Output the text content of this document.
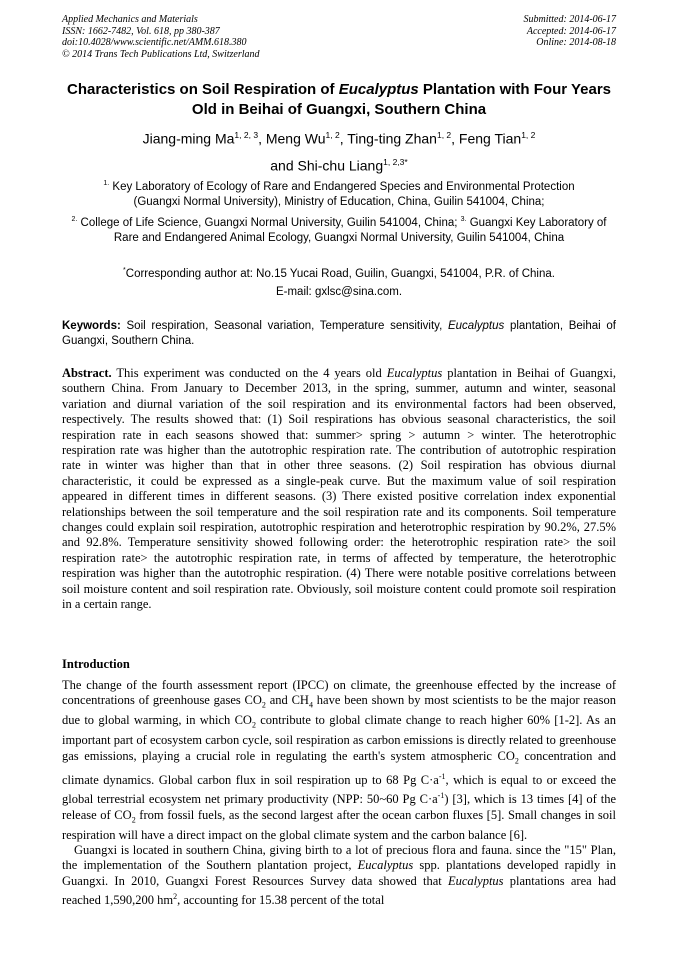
Applied Mechanics and Materials
ISSN: 1662-7482, Vol. 618, pp 380-387
doi:10.4028/www.scientific.net/AMM.618.380
© 2014 Trans Tech Publications Ltd, Switzerland
Submitted: 2014-06-17
Accepted: 2014-06-17
Online: 2014-08-18
Characteristics on Soil Respiration of Eucalyptus Plantation with Four Years Old in Beihai of Guangxi, Southern China
Jiang-ming Ma$^{1, 2, 3}$, Meng Wu$^{1, 2}$, Ting-ting Zhan$^{1, 2}$, Feng Tian$^{1, 2}$
and Shi-chu Liang$^{1, 2,3*}$
$^{1.}$ Key Laboratory of Ecology of Rare and Endangered Species and Environmental Protection (Guangxi Normal University), Ministry of Education, China, Guilin 541004, China;
$^{2.}$ College of Life Science, Guangxi Normal University, Guilin 541004, China; $^{3.}$ Guangxi Key Laboratory of Rare and Endangered Animal Ecology, Guangxi Normal University, Guilin 541004, China
*Corresponding author at: No.15 Yucai Road, Guilin, Guangxi, 541004, P.R. of China.
E-mail: gxlsc@sina.com.
Keywords: Soil respiration, Seasonal variation, Temperature sensitivity, Eucalyptus plantation, Beihai of Guangxi, Southern China.

Abstract. This experiment was conducted on the 4 years old Eucalyptus plantation in Beihai of Guangxi, southern China. From January to December 2013, in the spring, summer, autumn and winter, seasonal variation and diurnal variation of the soil respiration and its environmental factors had been observed, respectively. The results showed that: (1) Soil respirations has obvious seasonal characteristics, the soil respiration rate in each seasons showed that: summer> spring > autumn > winter. The heterotrophic respiration rate was higher than the autotrophic respiration rate. The contribution of autotrophic respiration rate in winter was higher than that in other three seasons. (2) Soil respiration has obvious diurnal characteristic, it could be expressed as a single-peak curve. But the maximum value of soil respiration appeared in different times in different seasons. (3) There existed positive correlation index exponential relationships between the soil temperature and the soil respiration rate and its components. Soil temperature changes could explain soil respiration, autotrophic respiration and heterotrophic respiration by 90.2%, 27.5% and 92.8%. Temperature sensitivity showed following order: the heterotrophic respiration rate> the soil respiration rate> the autotrophic respiration rate, in terms of affected by temperature, the heterotrophic respiration was higher than the autotrophic respiration. (4) There were notable positive correlations between soil moisture content and soil respiration rate. Obviously, soil moisture content could promote soil respiration in a certain range.

Introduction

The change of the fourth assessment report (IPCC) on climate, the greenhouse effected by the increase of concentrations of greenhouse gases $CO_2$ and $CH_4$ have been shown by most scientists to be the major reason due to global warming, in which $CO_2$ contribute to global climate change to reach higher 60% [1-2]. As an important part of ecosystem carbon cycle, soil respiration as carbon emissions is directly related to greenhouse gas emissions, playing a crucial role in regulating the earth's system atmospheric $CO_2$ concentration and climate dynamics. Global carbon flux in soil respiration up to 68 Pg $C\cdot a^{-1}$, which is equal to or exceed the global terrestrial ecosystem net primary productivity (NPP: 50~60 Pg $C\cdot a^{-1}$) [3], which is 13 times [4] of the release of $CO_2$ from fossil fuels, as the second largest after the ocean carbon fluxes [5]. Small changes in soil respiration will have a direct impact on the global climate system and the carbon balance [6].

Guangxi is located in southern China, giving birth to a lot of precious flora and fauna. since the "15" Plan, the implementation of the Southern plantation project, Eucalyptus spp. plantations developed rapidly in Guangxi. In 2010, Guangxi Forest Resources Survey data showed that Eucalyptus plantations area had reached 1,590,200 $hm^2$, accounting for 15.38 percent of the total
